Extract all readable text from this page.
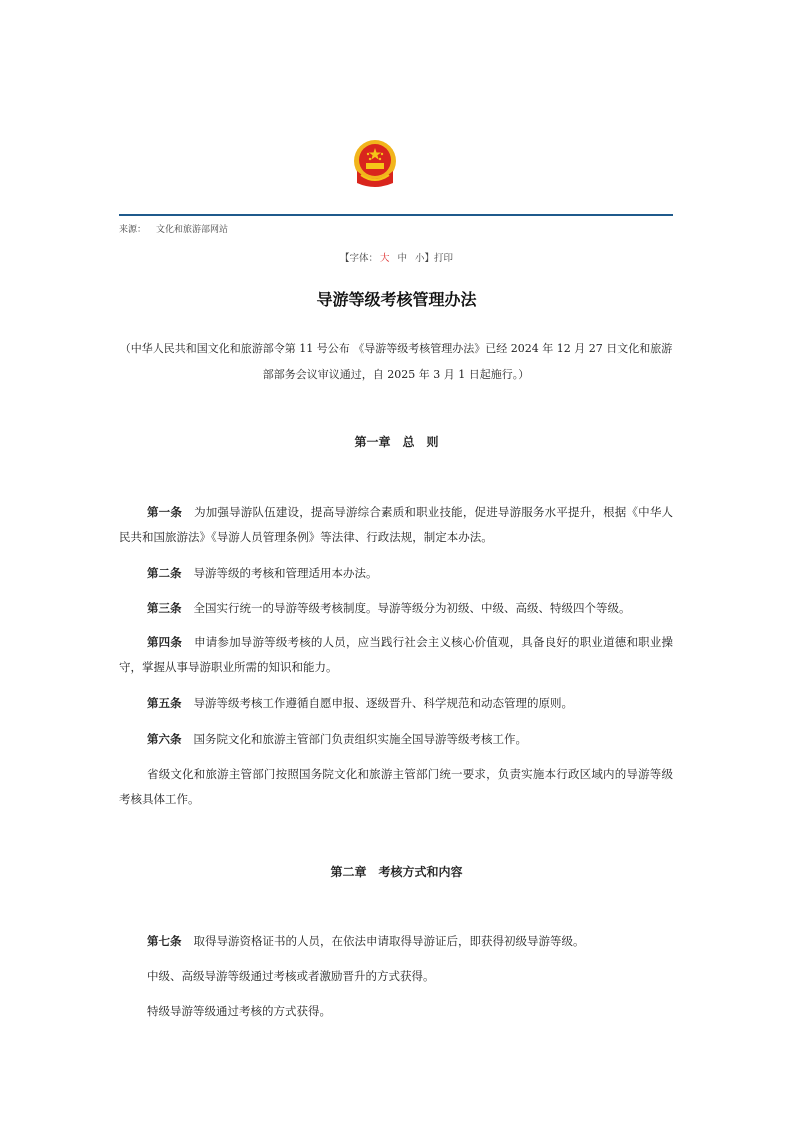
来源： 文化和旅游部网站
【字体： 大 中 小】打印
导游等级考核管理办法
（中华人民共和国文化和旅游部令第 11 号公布 《导游等级考核管理办法》已经 2024 年 12 月 27 日文化和旅游部部务会议审议通过，自 2025 年 3 月 1 日起施行。）
第一章　总　则
第一条 为加强导游队伍建设，提高导游综合素质和职业技能，促进导游服务水平提升，根据《中华人民共和国旅游法》《导游人员管理条例》等法律、行政法规，制定本办法。
第二条 导游等级的考核和管理适用本办法。
第三条 全国实行统一的导游等级考核制度。导游等级分为初级、中级、高级、特级四个等级。
第四条 申请参加导游等级考核的人员，应当践行社会主义核心价值观，具备良好的职业道德和职业操守，掌握从事导游职业所需的知识和能力。
第五条 导游等级考核工作遵循自愿申报、逐级晋升、科学规范和动态管理的原则。
第六条 国务院文化和旅游主管部门负责组织实施全国导游等级考核工作。
省级文化和旅游主管部门按照国务院文化和旅游主管部门统一要求，负责实施本行政区域内的导游等级考核具体工作。
第二章　考核方式和内容
第七条 取得导游资格证书的人员，在依法申请取得导游证后，即获得初级导游等级。
中级、高级导游等级通过考核或者激励晋升的方式获得。
特级导游等级通过考核的方式获得。
